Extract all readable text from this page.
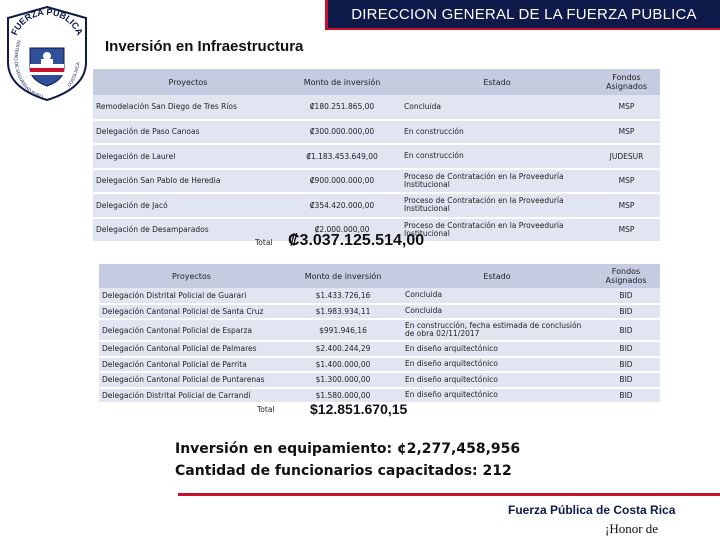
DIRECCION GENERAL DE LA FUERZA PUBLICA
FUERZA PUBLICA
NISTERIO DE SEGURIDAD PUBLI
COSTA RICA
Inversión en Infraestructura
Proyectos	Monto de inversión	Estado	Fondos Asignados
Remodelación San Diego de Tres Ríos	₡180.251.865,00	Concluida	MSP
Delegación de Paso Canoas	₡300.000.000,00	En construcción	MSP
Delegación de Laurel	₡1.183.453.649,00	En construcción	JUDESUR
Delegación San Pablo de Heredia	₡900.000.000,00	Proceso de Contratación en la Proveeduría Institucional	MSP
Delegación de Jacó	₡354.420.000,00	Proceso de Contratación en la Proveeduría Institucional	MSP
Delegación de Desamparados	₡2.000.000,00	Proceso de Contratación en la Proveeduría Institucional	MSP
Total ₡3.037.125.514,00
Proyectos	Monto de inversión	Estado	Fondos Asignados
Delegación Distrital Policial de Guarari	$1.433.726,16	Concluida	BID
Delegación Cantonal Policial de Santa Cruz	$1.983.934,11	Concluida	BID
Delegación Cantonal Policial de Esparza	$991.946,16	En construcción, fecha estimada de conclusión de obra 02/11/2017	BID
Delegación Cantonal Policial de Palmares	$2.400.244,29	En diseño arquitectónico	BID
Delegación Cantonal Policial de Parrita	$1.400.000,00	En diseño arquitectónico	BID
Delegación Cantonal Policial de Puntarenas	$1.300.000,00	En diseño arquitectónico	BID
Delegación Distrital Policial de Carrandí	$1.580.000,00	En diseño arquitectónico	BID
Total	$12.851.670,15
Inversión en equipamiento: ¢2,277,458,956
Cantidad de funcionarios capacitados: 212
Fuerza Pública de Costa Rica
¡Honor de
